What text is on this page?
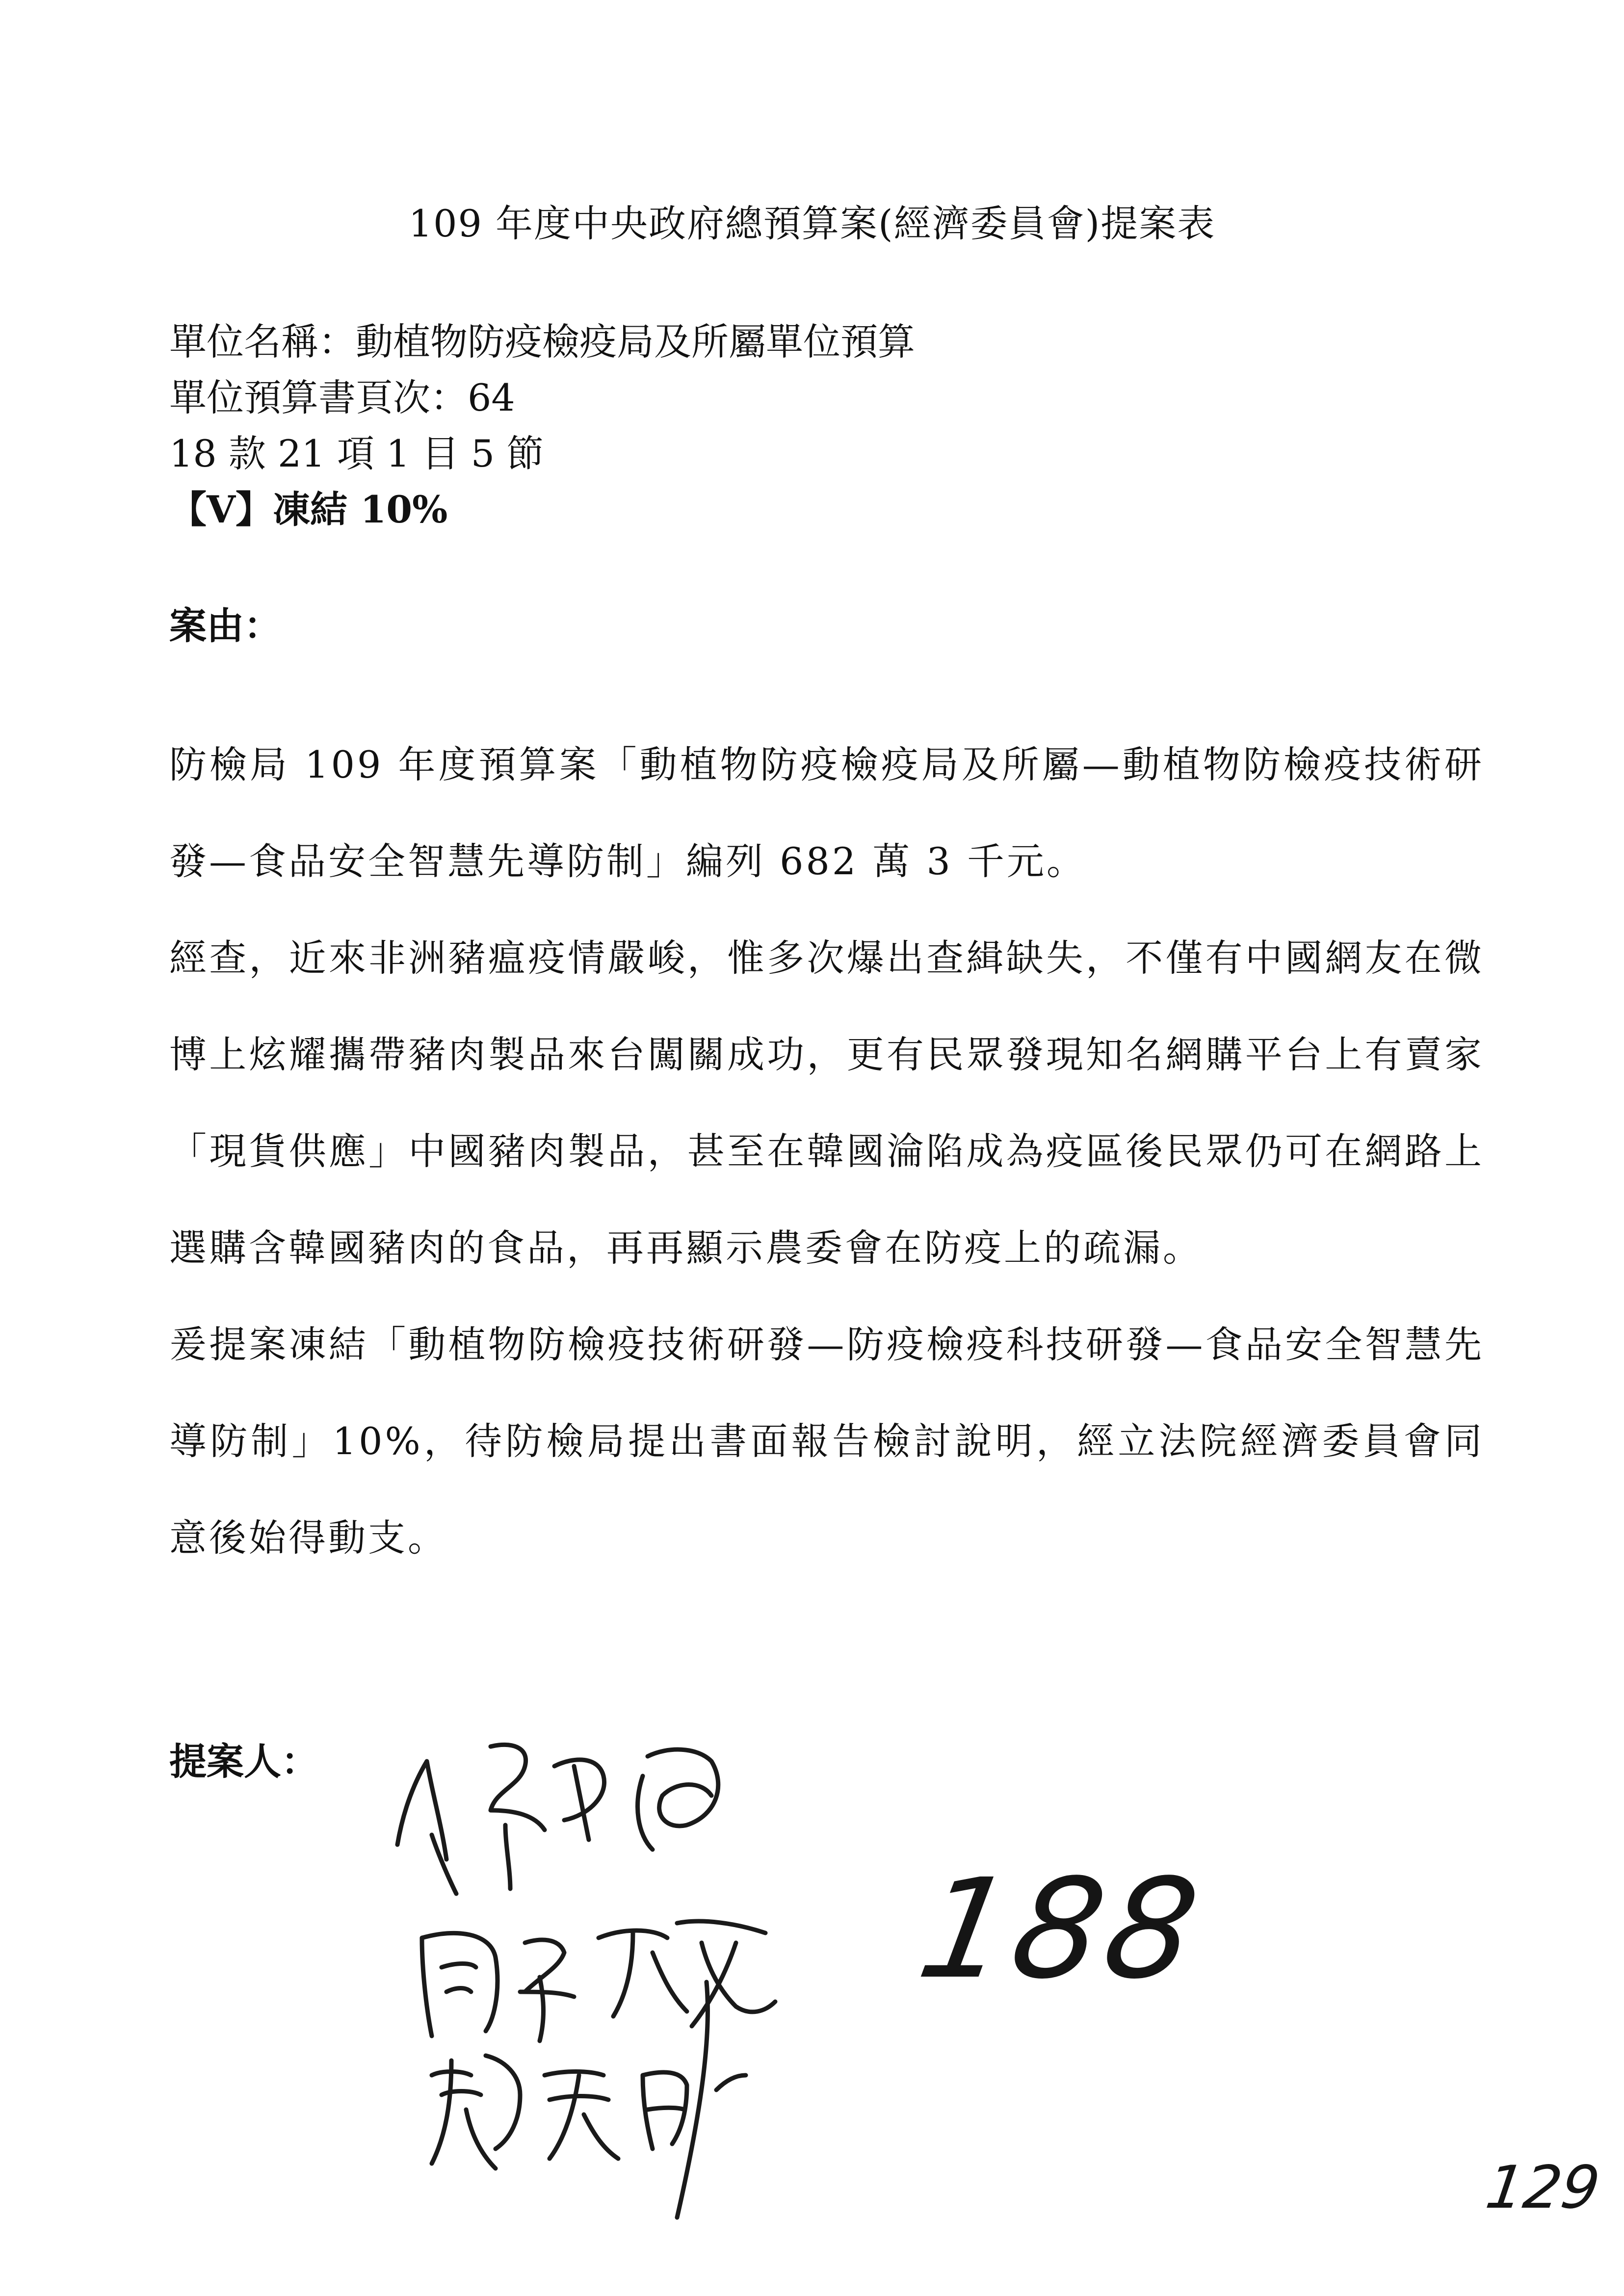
109 年度中央政府總預算案(經濟委員會)提案表
單位名稱：動植物防疫檢疫局及所屬單位預算
單位預算書頁次：64
18 款 21 項 1 目 5 節
【V】凍結 10%
案由：

防檢局 109 年度預算案「動植物防疫檢疫局及所屬—動植物防檢疫技術研發—食品安全智慧先導防制」編列 682 萬 3 千元。

經查，近來非洲豬瘟疫情嚴峻，惟多次爆出查緝缺失，不僅有中國網友在微博上炫耀攜帶豬肉製品來台闖關成功，更有民眾發現知名網購平台上有賣家「現貨供應」中國豬肉製品，甚至在韓國淪陷成為疫區後民眾仍可在網路上選購含韓國豬肉的食品，再再顯示農委會在防疫上的疏漏。

爰提案凍結「動植物防檢疫技術研發—防疫檢疫科技研發—食品安全智慧先導防制」10%，待防檢局提出書面報告檢討說明，經立法院經濟委員會同意後始得動支。

提案人：
188
129
